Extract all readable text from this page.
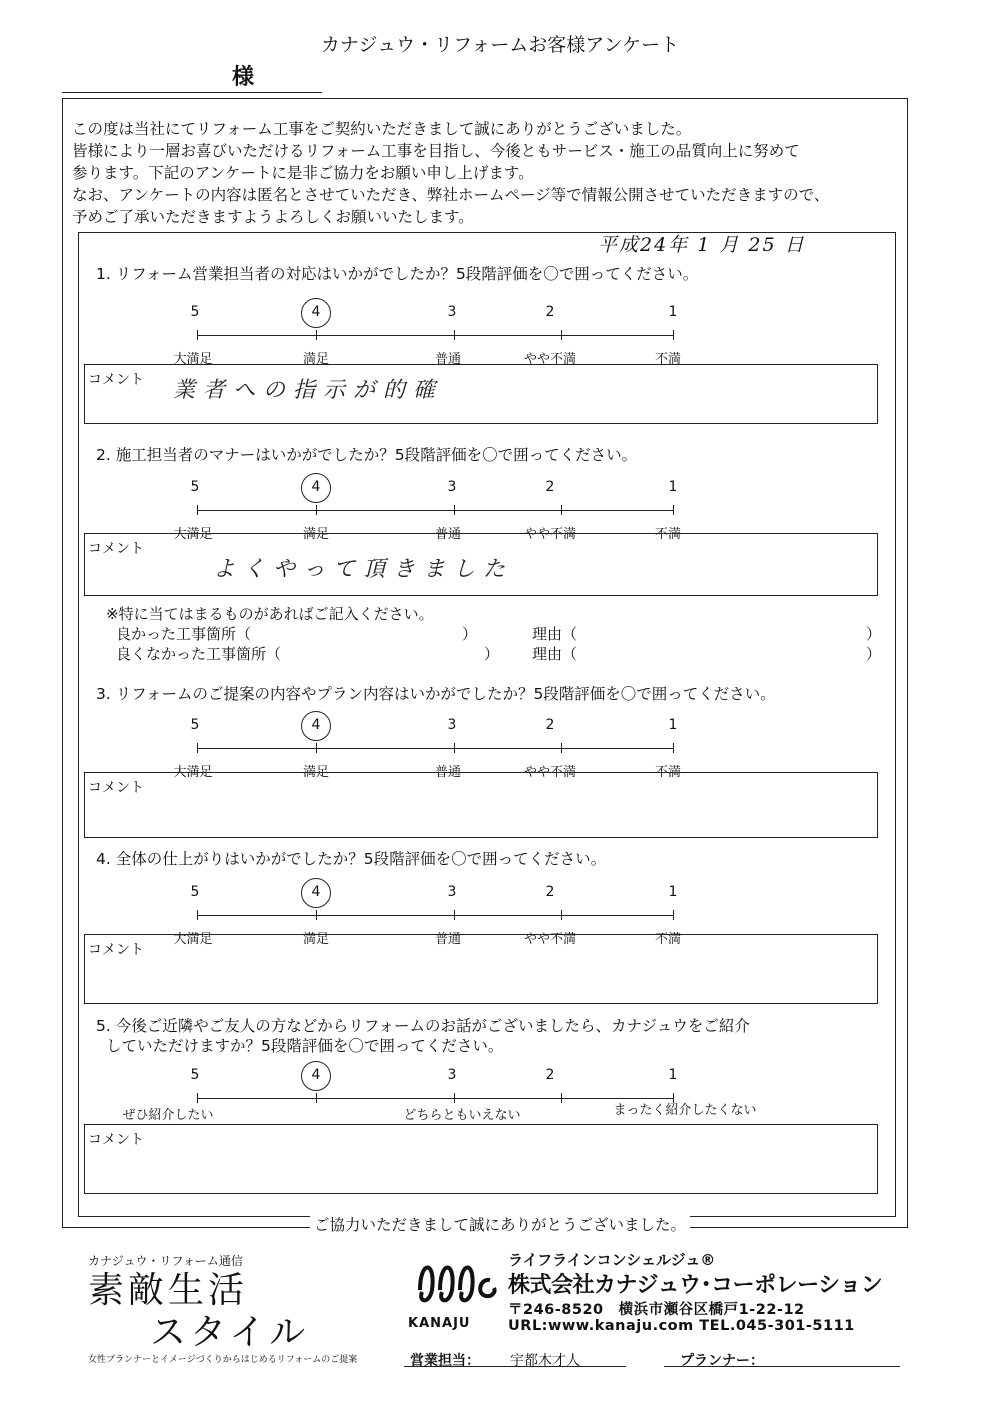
カナジュウ・リフォームお客様アンケート
様
この度は当社にてリフォーム工事をご契約いただきまして誠にありがとうございました。
皆様により一層お喜びいただけるリフォーム工事を目指し、今後ともサービス・施工の品質向上に努めて
参ります。下記のアンケートに是非ご協力をお願い申し上げます。
なお、アンケートの内容は匿名とさせていただき、弊社ホームページ等で情報公開させていただきますので、
予めご了承いただきますようよろしくお願いいたします。
平成24年 1 月 25 日
1. リフォーム営業担当者の対応はいかがでしたか？5段階評価を〇で囲ってください。
5	4	3	2	1
大満足	満足	普通	やや不満	不満
コメント 業者への指示が的確
2. 施工担当者のマナーはいかがでしたか？5段階評価を〇で囲ってください。
5	4	3	2	1
大満足	満足	普通	やや不満	不満
コメント
よくやって頂きました
※特に当てはまるものがあればご記入ください。
良かった工事箇所（	）	理由（	）
良くなかった工事箇所（	） 理由（	）
3. リフォームのご提案の内容やプラン内容はいかがでしたか？5段階評価を〇で囲ってください。
5	4	3	2	1
大満足	満足	普通	やや不満	不満
コメント
4. 全体の仕上がりはいかがでしたか？5段階評価を〇で囲ってください。
5	4	3	2	1
大満足	満足	普通	やや不満	不満
コメント
5. 今後ご近隣やご友人の方などからリフォームのお話がございましたら、カナジュウをご紹介
していただけますか？5段階評価を〇で囲ってください。
5	4	3	2	1
ぜひ紹介したい	どちらともいえない	まったく紹介したくない
コメント
ご協力いただきまして誠にありがとうございました。
カナジュウ・リフォーム通信
素敵生活
スタイル
女性プランナーとイメージづくりからはじめるリフォームのご提案
KANAJU
ライフラインコンシェルジュ®
株式会社カナジュウ･コーポレーション
〒246-8520　横浜市瀬谷区橋戸1-22-12
URL:www.kanaju.com TEL.045-301-5111
営業担当： 宇都木才人	プランナー：
